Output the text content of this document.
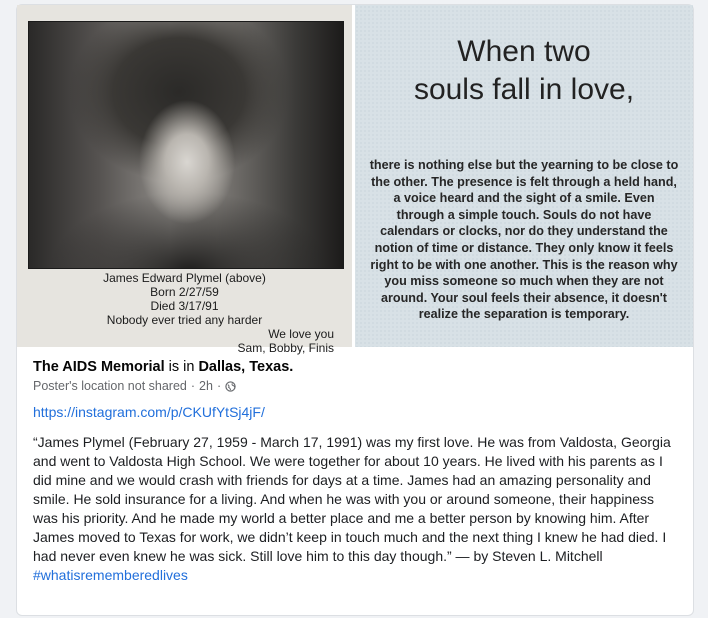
James Edward Plymel (above)
Born 2/27/59
Died 3/17/91
Nobody ever tried any harder
We love you
Sam, Bobby, Finis
When two
souls fall in love,
there is nothing else but the yearning to be close to the other. The presence is felt through a held hand, a voice heard and the sight of a smile. Even through a simple touch. Souls do not have calendars or clocks, nor do they understand the notion of time or distance. They only know it feels right to be with one another. This is the reason why you miss someone so much when they are not around. Your soul feels their absence, it doesn't realize the separation is temporary.
The AIDS Memorial is in Dallas, Texas.
Poster's location not shared · 2h ·
https://instagram.com/p/CKUfYtSj4jF/
“James Plymel (February 27, 1959 - March 17, 1991) was my first love. He was from Valdosta, Georgia and went to Valdosta High School. We were together for about 10 years. He lived with his parents as I did mine and we would crash with friends for days at a time. James had an amazing personality and smile. He sold insurance for a living. And when he was with you or around someone, their happiness was his priority. And he made my world a better place and me a better person by knowing him. After James moved to Texas for work, we didn’t keep in touch much and the next thing I knew he had died. I had never even knew he was sick. Still love him to this day though.” — by Steven L. Mitchell #whatisrememberedlives
